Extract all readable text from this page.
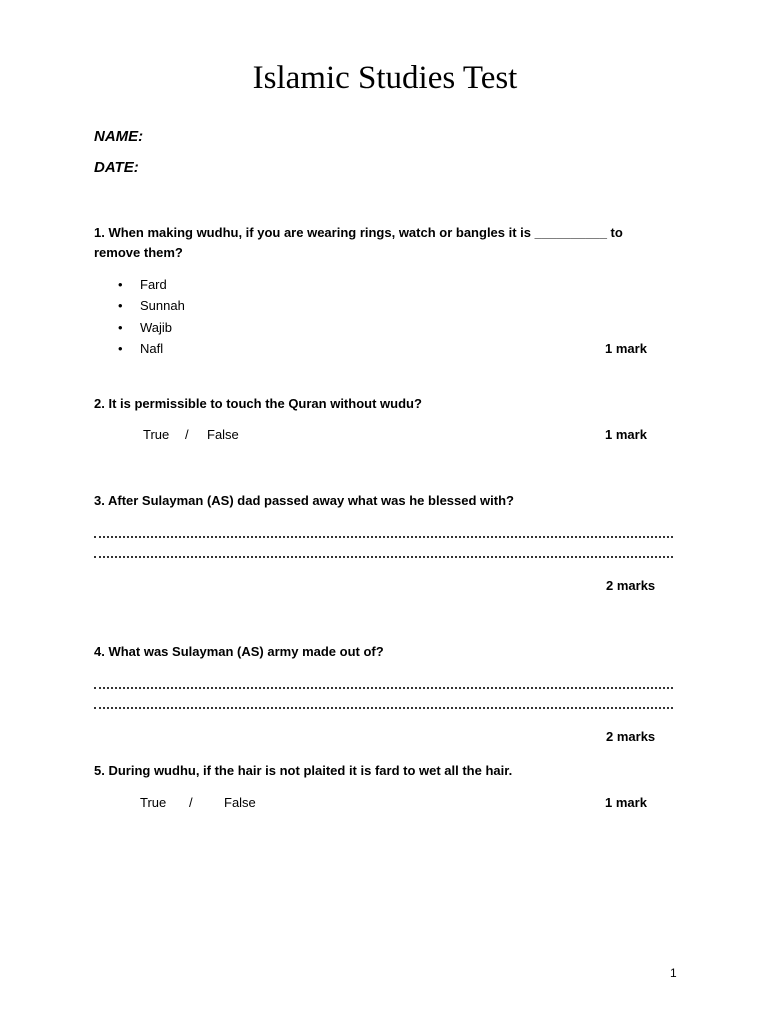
Islamic Studies Test
NAME:
DATE:
1. When making wudhu, if you are wearing rings, watch or bangles it is __________ to
remove them?
• Fard
• Sunnah
• Wajib
• Nafl	1 mark
2. It is permissible to touch the Quran without wudu?
True / False	1 mark
3. After Sulayman (AS) dad passed away what was he blessed with?
2 marks
4. What was Sulayman (AS) army made out of?
2 marks
5. During wudhu, if the hair is not plaited it is fard to wet all the hair.
True / False	1 mark
1
